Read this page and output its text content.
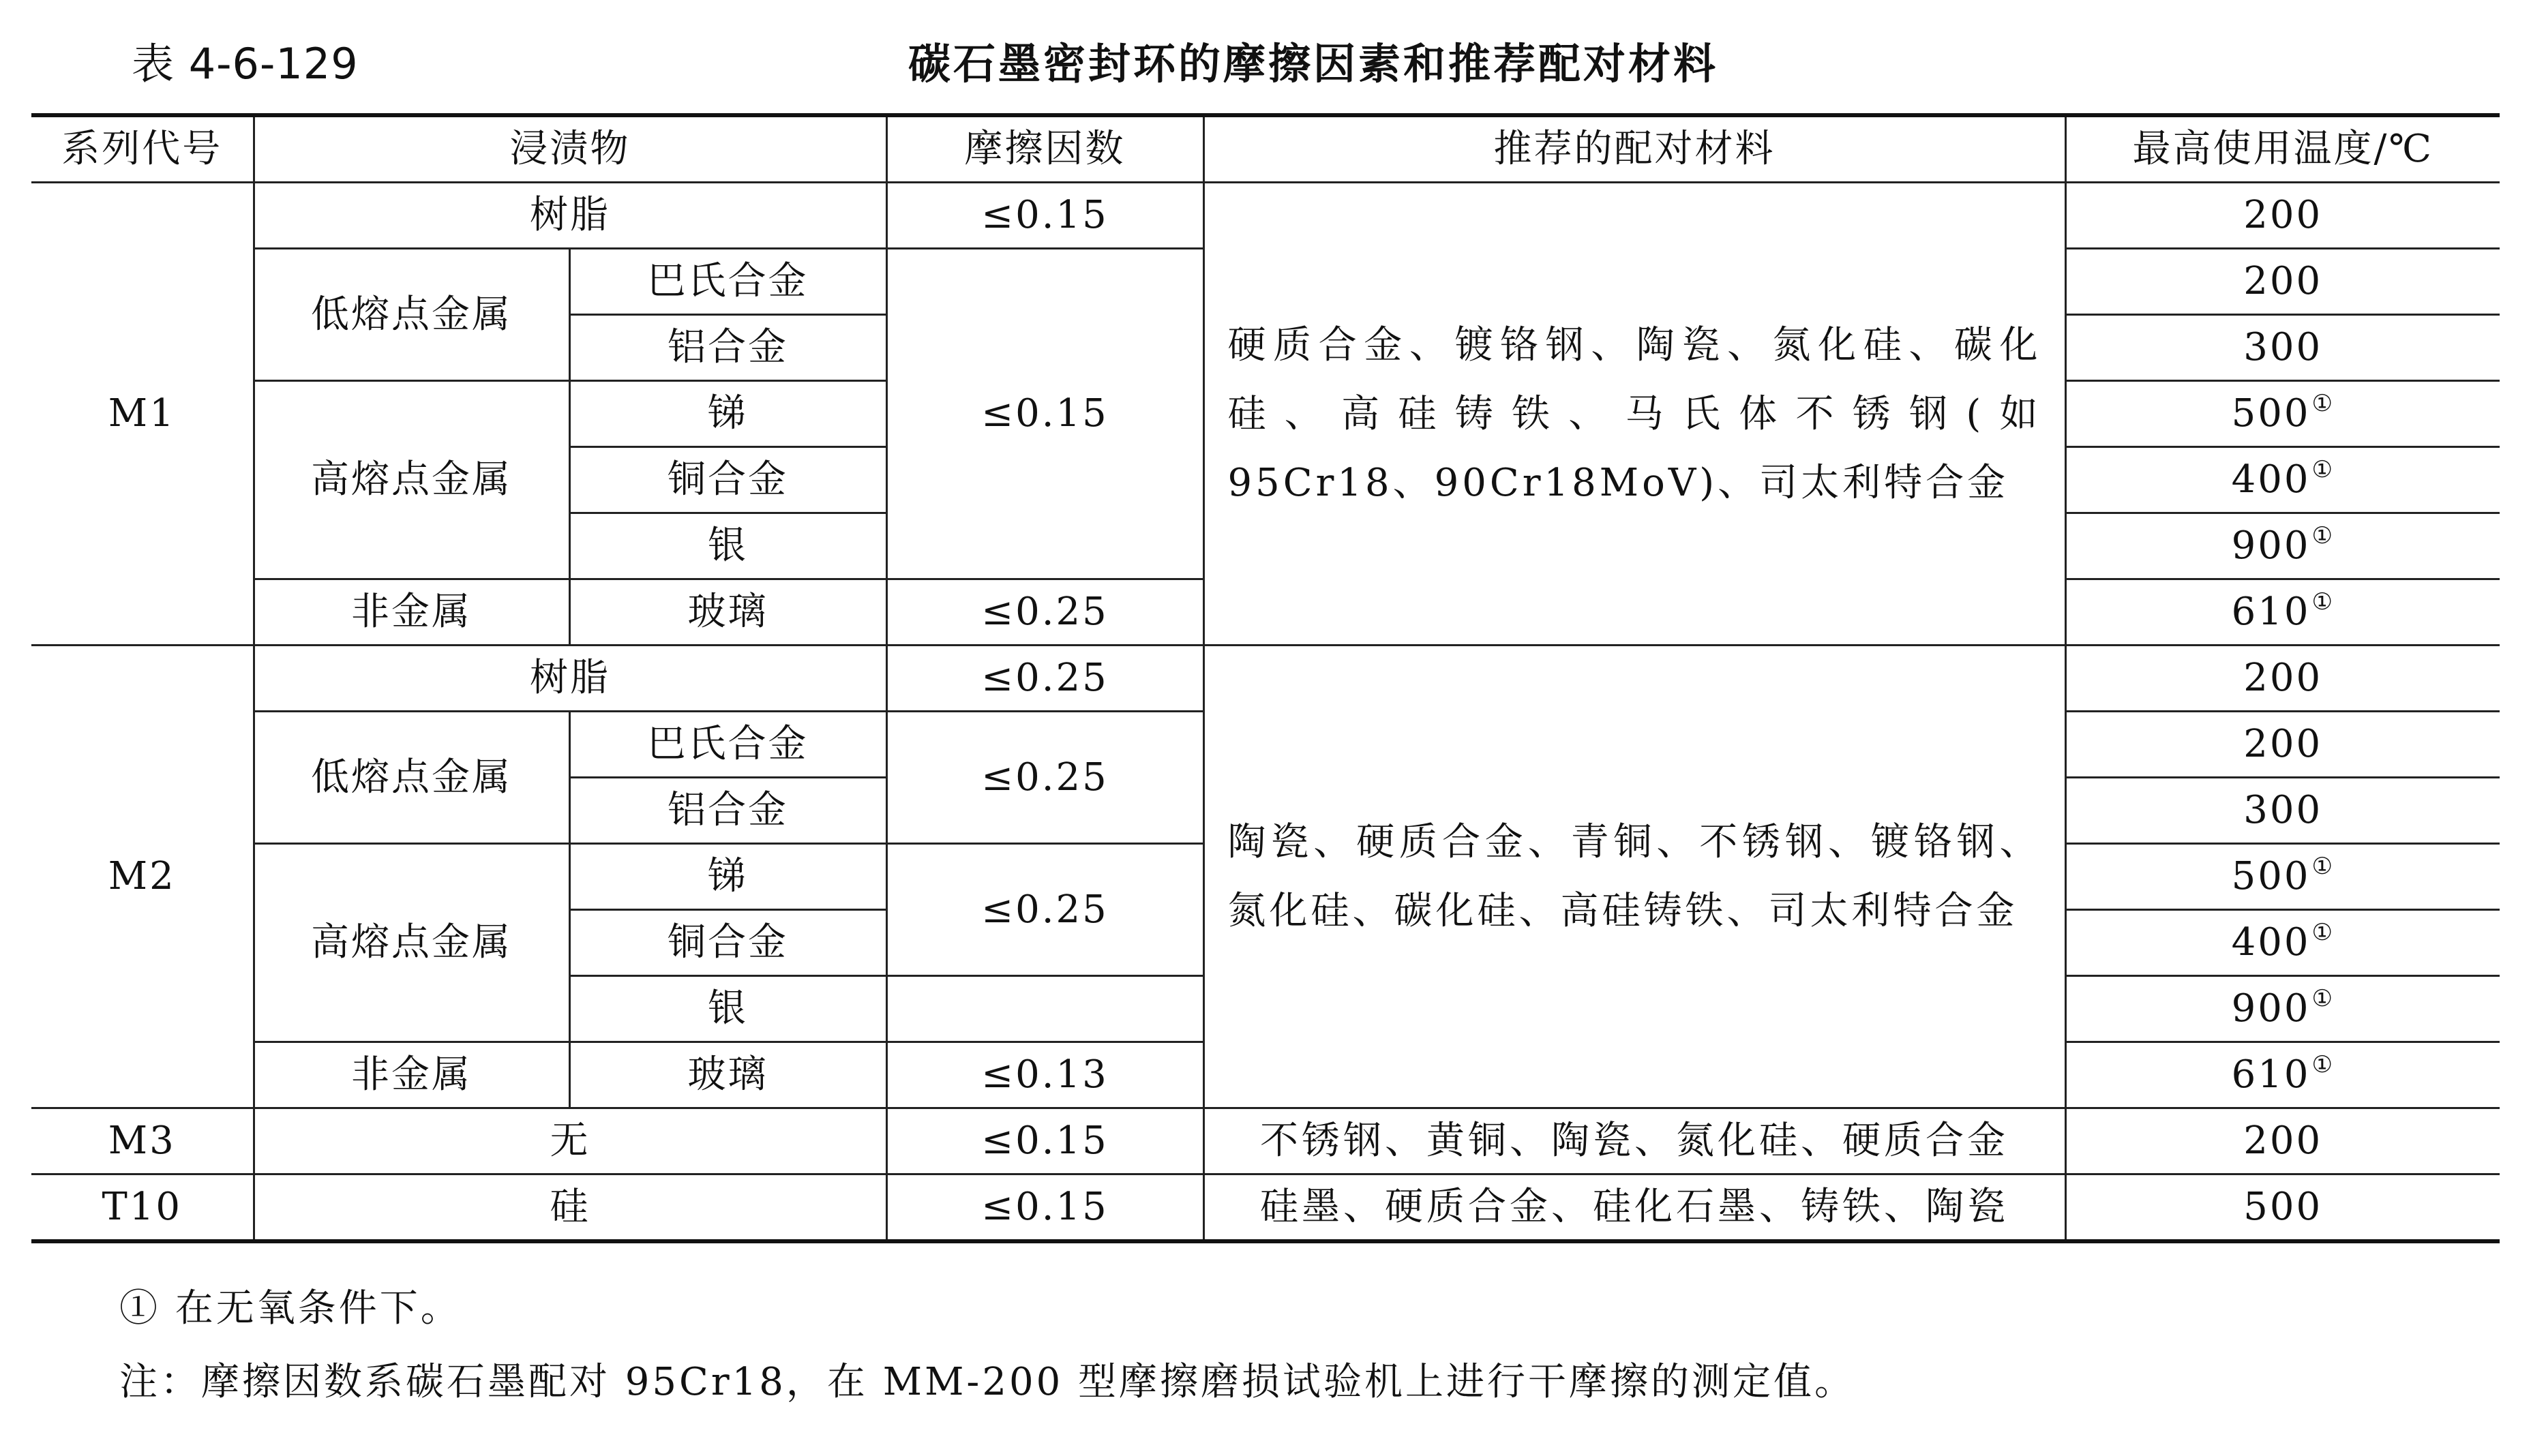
表 4-6-129	碳石墨密封环的摩擦因素和推荐配对材料
系列代号	浸渍物		摩擦因数	推荐的配对材料	最高使用温度/℃
M1	树脂		≤0.15	硬质合金、镀铬钢、陶瓷、氮化硅、碳化硅、高硅铸铁、马氏体不锈钢(如 95Cr18、90Cr18MoV)、司太利特合金	200
	低熔点金属	巴氏合金	≤0.15		200
		铝合金			300
	高熔点金属	锑			500①
		铜合金			400①
		银			900①
	非金属	玻璃	≤0.25		610①
M2	树脂		≤0.25	陶瓷、硬质合金、青铜、不锈钢、镀铬钢、氮化硅、碳化硅、高硅铸铁、司太利特合金	200
	低熔点金属	巴氏合金	≤0.25		200
		铝合金			300
	高熔点金属	锑	≤0.25		500①
		铜合金			400①
		银			900①
	非金属	玻璃	≤0.13		610①
M3	无		≤0.15	不锈钢、黄铜、陶瓷、氮化硅、硬质合金	200
T10	硅		≤0.15	硅墨、硬质合金、硅化石墨、铸铁、陶瓷	500
① 在无氧条件下。
注：摩擦因数系碳石墨配对 95Cr18，在 MM-200 型摩擦磨损试验机上进行干摩擦的测定值。
